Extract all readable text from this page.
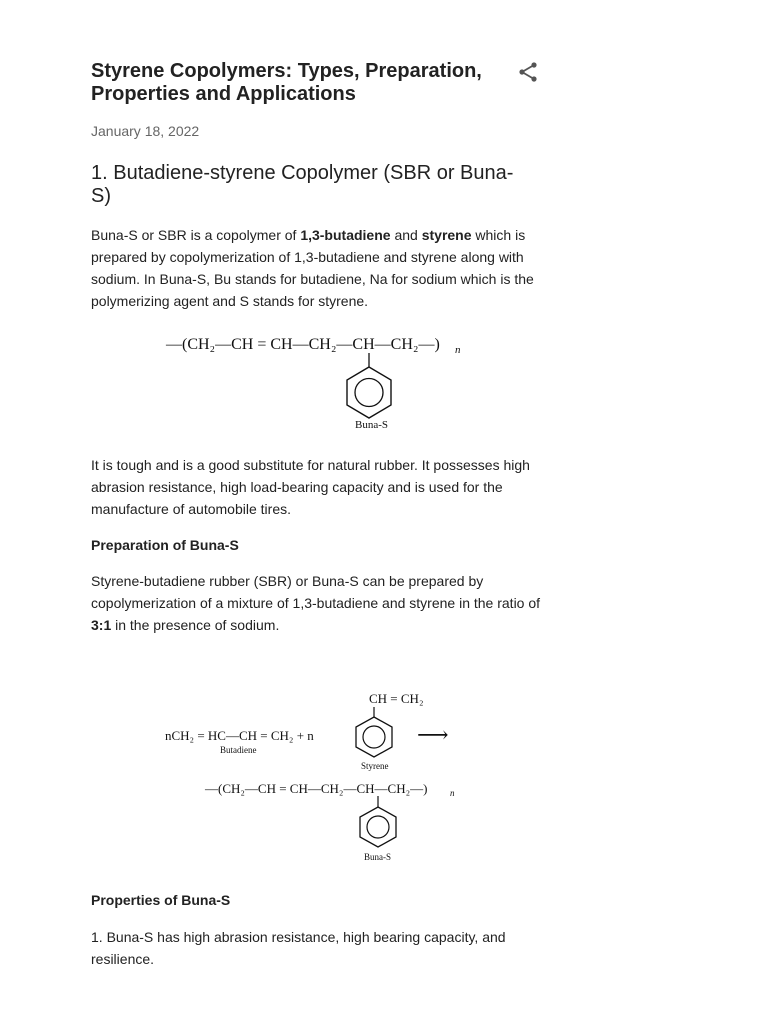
Styrene Copolymers: Types, Preparation, Properties and Applications
January 18, 2022
1. Butadiene-styrene Copolymer (SBR or Buna-S)

Buna-S or SBR is a copolymer of 1,3-butadiene and styrene which is prepared by copolymerization of 1,3-butadiene and styrene along with sodium. In Buna-S, Bu stands for butadiene, Na for sodium which is the polymerizing agent and S stands for styrene.

—(CH₂—CH = CH—CH₂—CH—CH₂—) n
Buna-S

It is tough and is a good substitute for natural rubber. It possesses high abrasion resistance, high load-bearing capacity and is used for the manufacture of automobile tires.

Preparation of Buna-S

Styrene-butadiene rubber (SBR) or Buna-S can be prepared by copolymerization of a mixture of 1,3-butadiene and styrene in the ratio of 3:1 in the presence of sodium.

CH = CH₂
nCH₂ = HC—CH = CH₂ + n
Butadiene
Styrene
⟶
—(CH₂—CH = CH—CH₂—CH—CH₂—)	n
Buna-S
Properties of Buna-S

1. Buna-S has high abrasion resistance, high bearing capacity, and resilience.
